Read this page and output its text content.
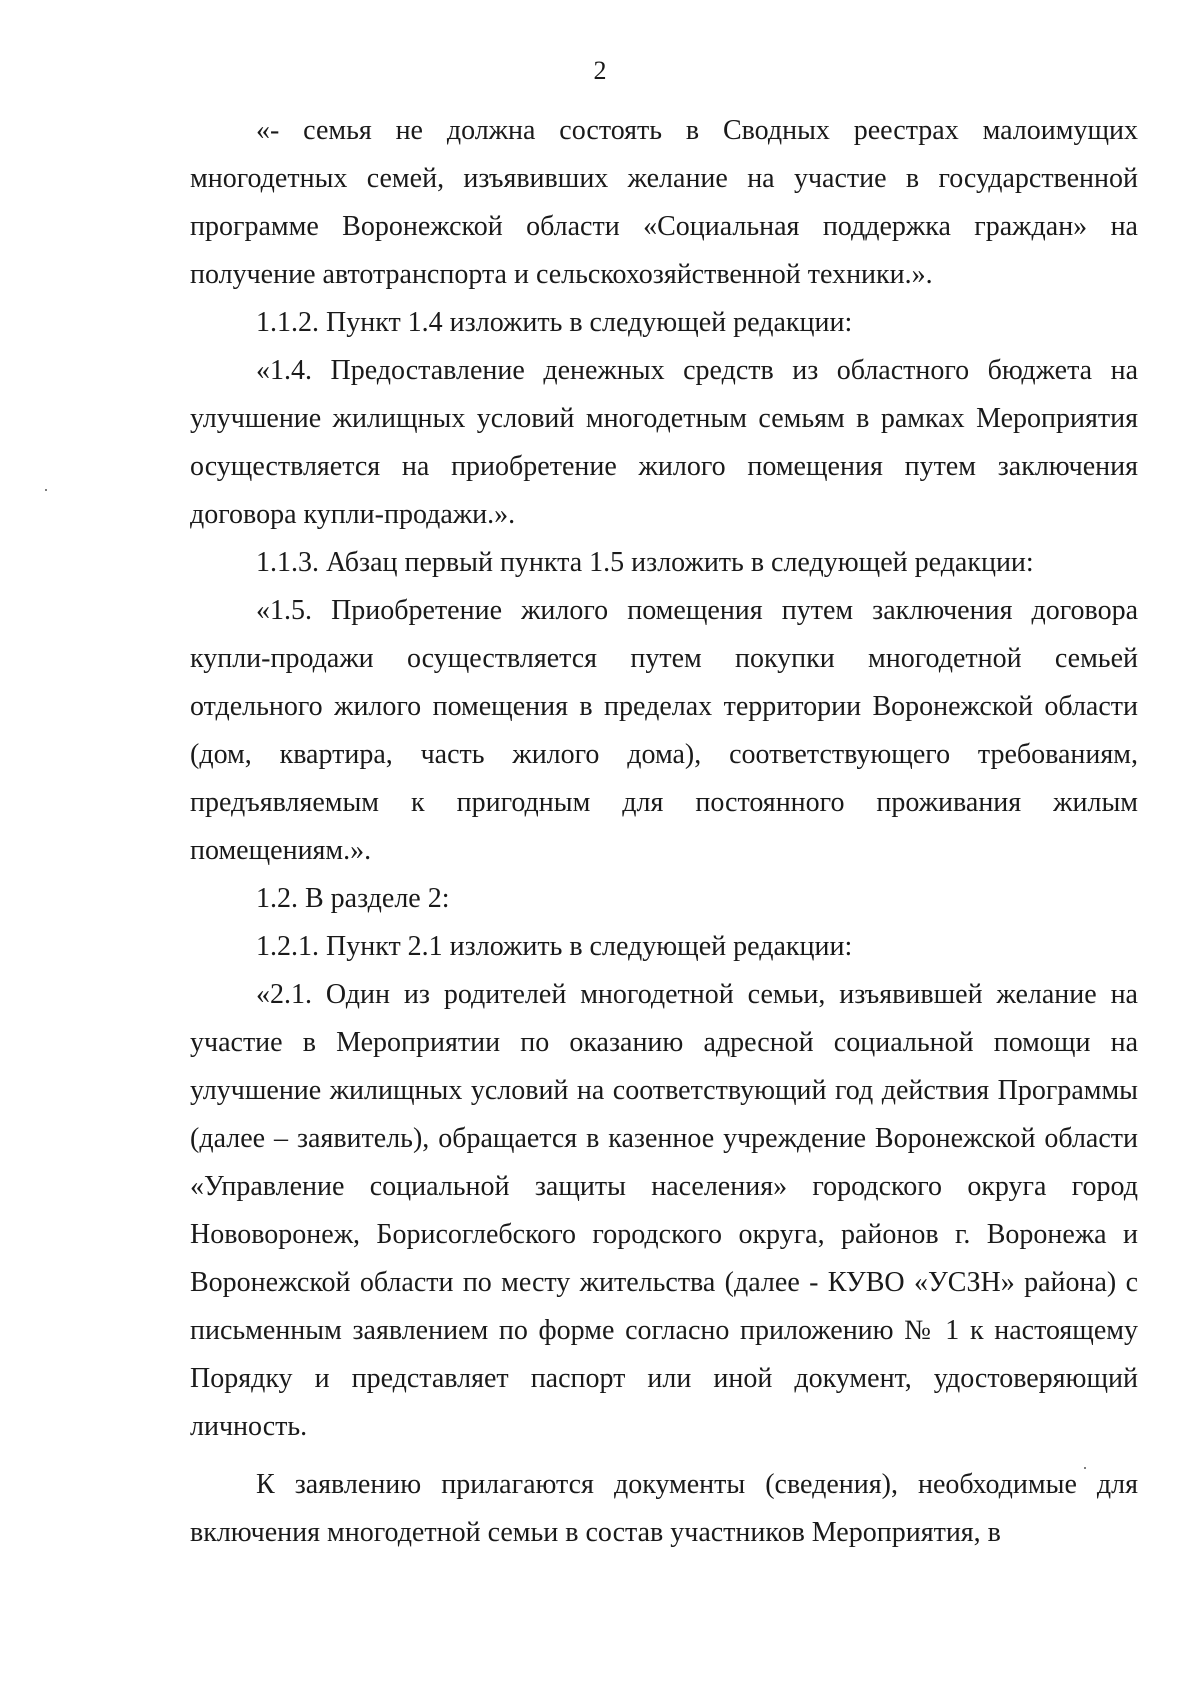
2

«- семья не должна состоять в Сводных реестрах малоимущих многодетных семей, изъявивших желание на участие в государственной программе Воронежской области «Социальная поддержка граждан» на получение автотранспорта и сельскохозяйственной техники.».

1.1.2. Пункт 1.4 изложить в следующей редакции:

«1.4. Предоставление денежных средств из областного бюджета на улучшение жилищных условий многодетным семьям в рамках Мероприятия осуществляется на приобретение жилого помещения путем заключения договора купли-продажи.».

1.1.3. Абзац первый пункта 1.5 изложить в следующей редакции:

«1.5. Приобретение жилого помещения путем заключения договора купли-продажи осуществляется путем покупки многодетной семьей отдельного жилого помещения в пределах территории Воронежской области (дом, квартира, часть жилого дома), соответствующего требованиям, предъявляемым к пригодным для постоянного проживания жилым помещениям.».

1.2. В разделе 2:

1.2.1. Пункт 2.1 изложить в следующей редакции:

«2.1. Один из родителей многодетной семьи, изъявившей желание на участие в Мероприятии по оказанию адресной социальной помощи на улучшение жилищных условий на соответствующий год действия Программы (далее – заявитель), обращается в казенное учреждение Воронежской области «Управление социальной защиты населения» городского округа город Нововоронеж, Борисоглебского городского округа, районов г. Воронежа и Воронежской области по месту жительства (далее - КУВО «УСЗН» района) с письменным заявлением по форме согласно приложению № 1 к настоящему Порядку и представляет паспорт или иной документ, удостоверяющий личность.

К заявлению прилагаются документы (сведения), необходимые для включения многодетной семьи в состав участников Мероприятия, в
